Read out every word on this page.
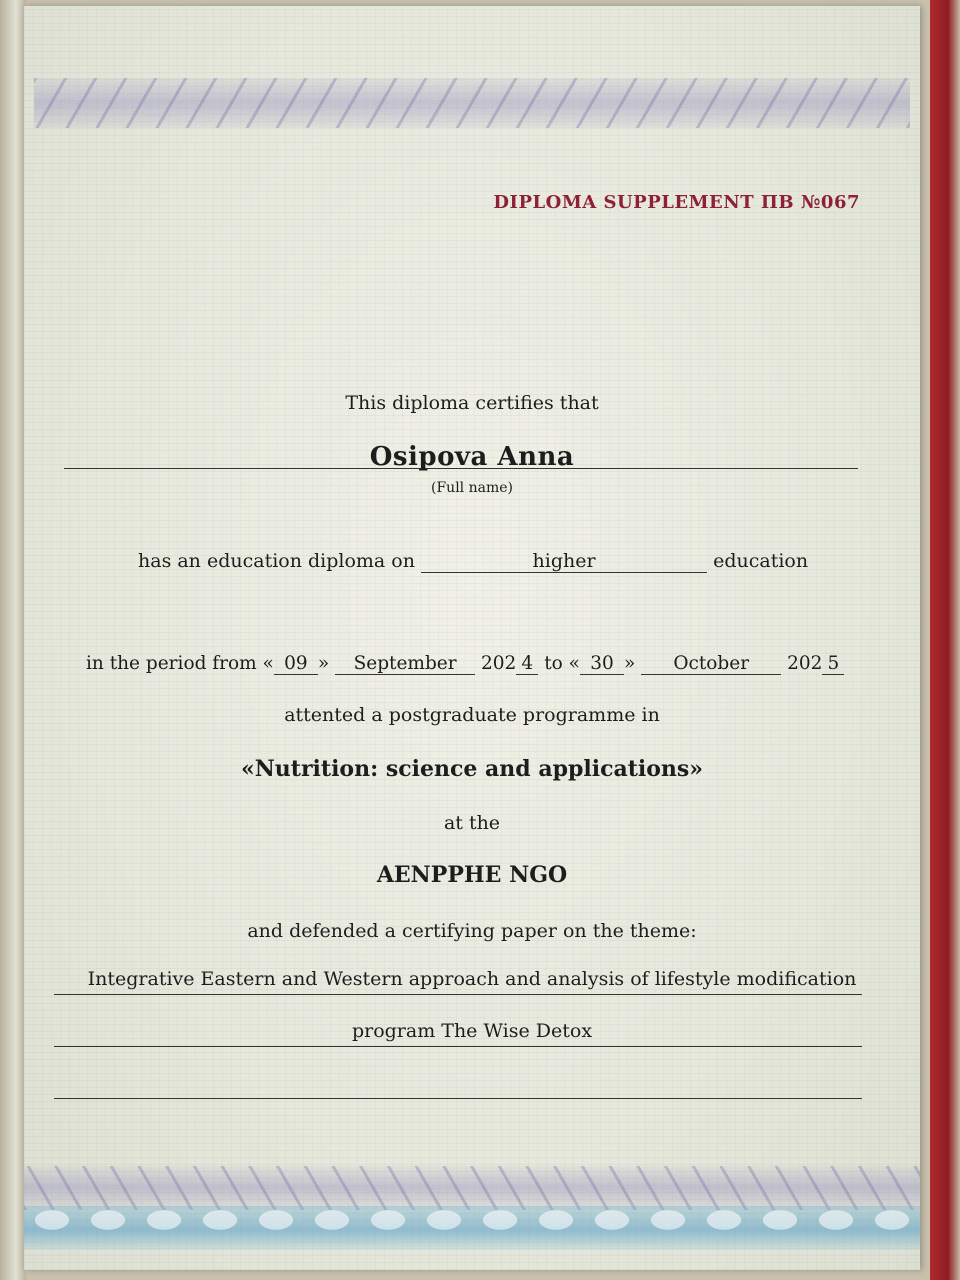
DIPLOMA SUPPLEMENT ПВ №067
This diploma certifies that
Osipova Anna
(Full name)
has an education diploma on	higher	education
in the period from « 09 » September 202 4 to « 30 » October 202 5
attented a postgraduate programme in
«Nutrition: science and applications»
at the
AENPPHE NGO
and defended a certifying paper on the theme:
Integrative Eastern and Western approach and analysis of lifestyle modification
program The Wise Detox
